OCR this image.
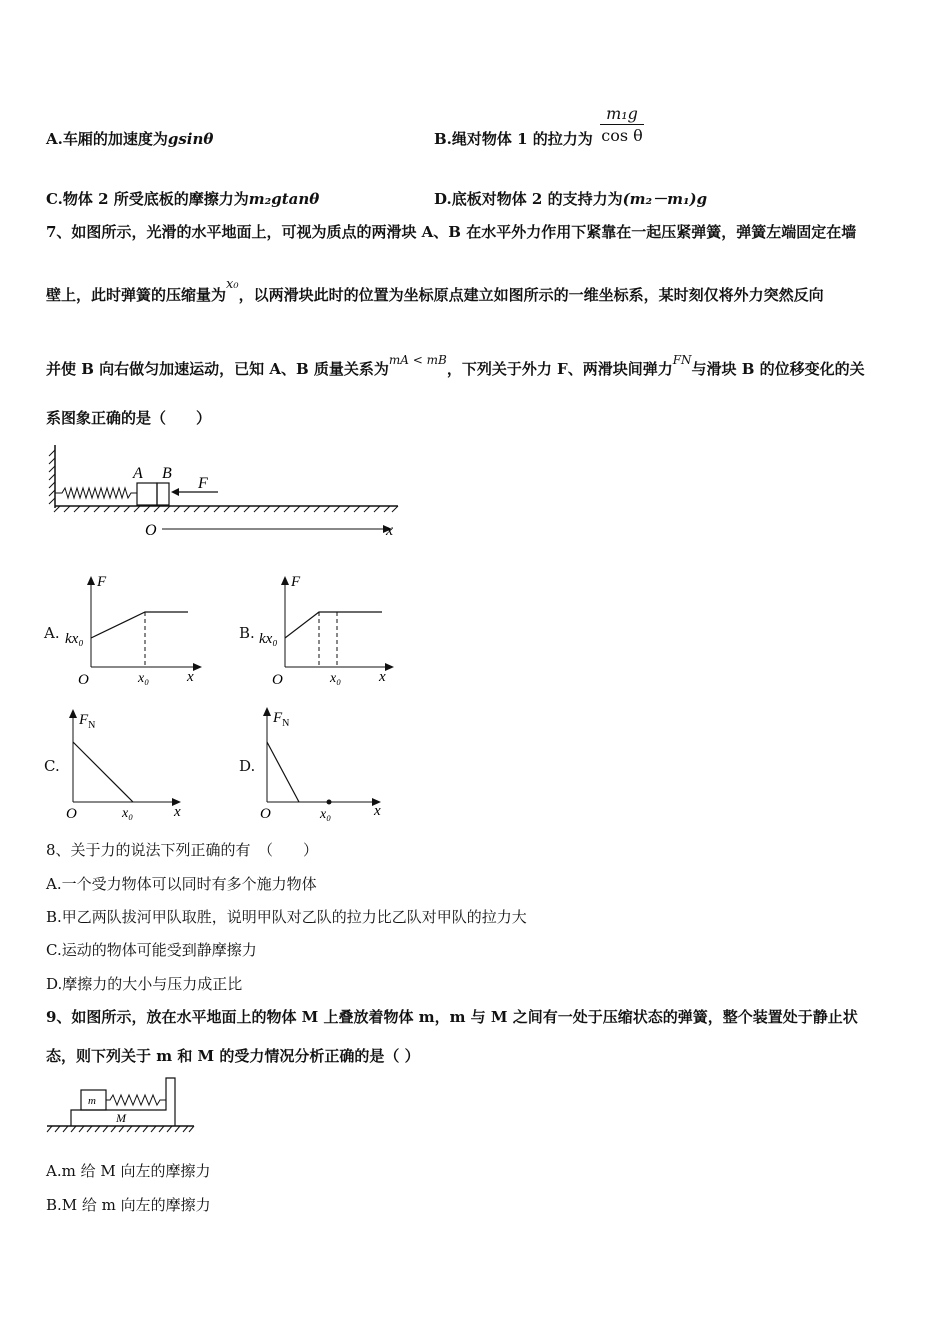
A.车厢的加速度为gsinθ	B.绳对物体 1 的拉力为 $\frac{\text{m₁g}}{\text{cos θ}}$
C.物体 2 所受底板的摩擦力为m₂gtanθ	D.底板对物体 2 的支持力为(m₂－m₁)g
7、如图所示，光滑的水平地面上，可视为质点的两滑块 A、B 在水平外力作用下紧靠在一起压紧弹簧，弹簧左端固定在墙
壁上，此时弹簧的压缩量为x₀，以两滑块此时的位置为坐标原点建立如图所示的一维坐标系，某时刻仅将外力突然反向
并使 B 向右做匀加速运动，已知 A、B 质量关系为$^{mA < mB}$，下列关于外力 F、两滑块间弹力$^{FN}$与滑块 B 的位移变化的关
系图象正确的是（　　）
A B
F
O	x
A.
F
kx₀
O	x₀	x
B.
F
kx₀
O	x₀	x
C.
$F_N$
O	x₀	x
D.
$F_N$
O	x₀	x
8、关于力的说法下列正确的有　（　　）
A.一个受力物体可以同时有多个施力物体
B.甲乙两队拔河甲队取胜，说明甲队对乙队的拉力比乙队对甲队的拉力大
C.运动的物体可能受到静摩擦力
D.摩擦力的大小与压力成正比
9、如图所示，放在水平地面上的物体 M 上叠放着物体 m，m 与 M 之间有一处于压缩状态的弹簧，整个装置处于静止状
态，则下列关于 m 和 M 的受力情况分析正确的是（ ）
m
M
A.m 给 M 向左的摩擦力
B.M 给 m 向左的摩擦力
